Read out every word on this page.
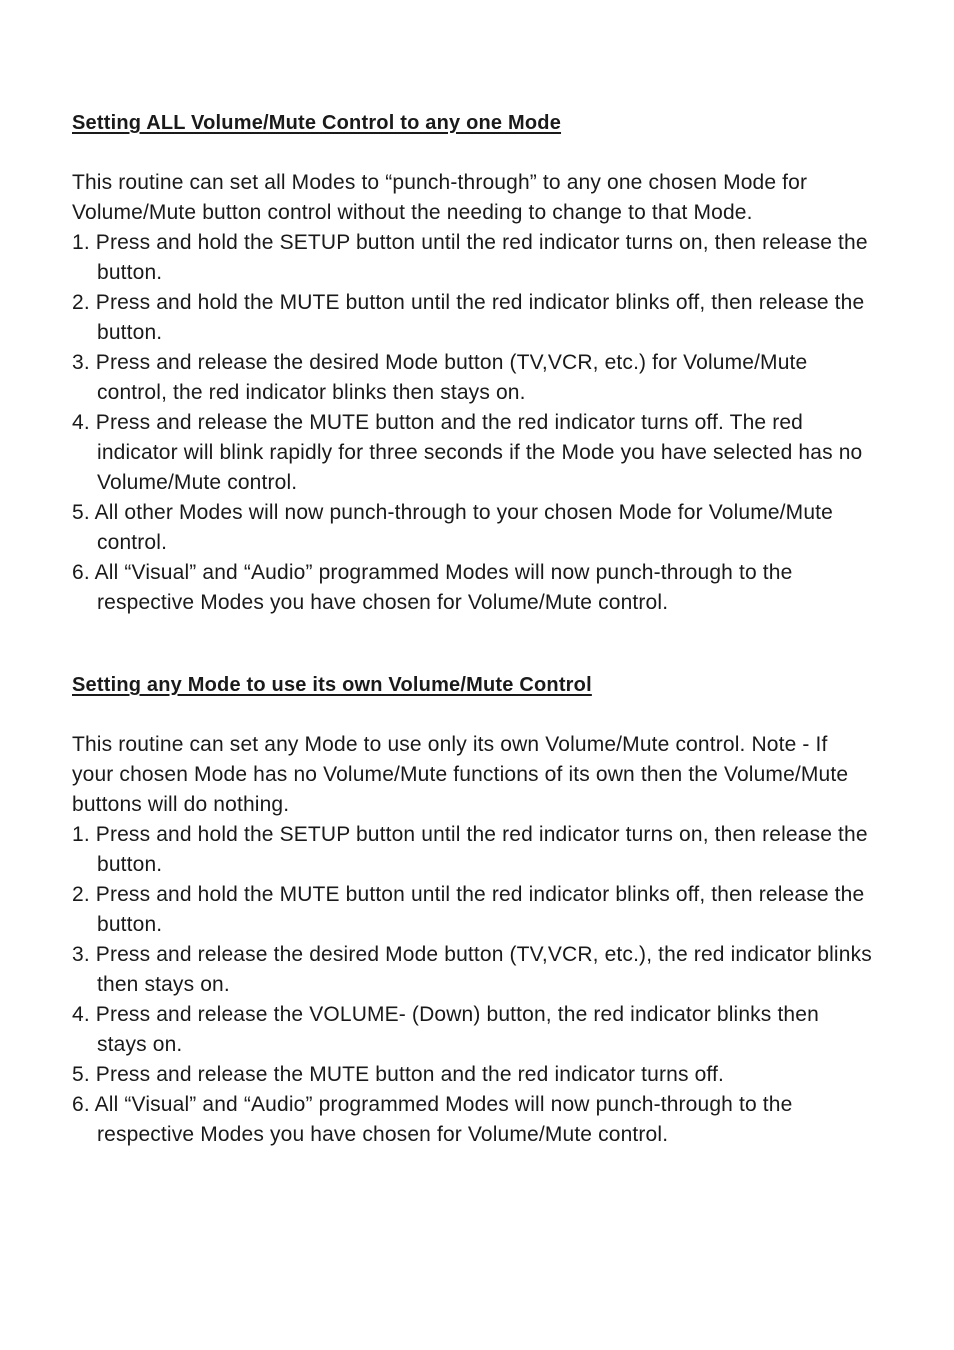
Setting ALL Volume/Mute Control to any one Mode

This routine can set all Modes to “punch-through” to any one chosen Mode for Volume/Mute button control without the needing to change to that Mode.

1. Press and hold the SETUP button until the red indicator turns on, then release the button.
2. Press and hold the MUTE button until the red indicator blinks off, then release the button.
3. Press and release the desired Mode button (TV,VCR, etc.) for Volume/Mute control, the red indicator blinks then stays on.
4. Press and release the MUTE button and the red indicator turns off. The red indicator will blink rapidly for three seconds if the Mode you have selected has no Volume/Mute control.
5. All other Modes will now punch-through to your chosen Mode for Volume/Mute control.
6. All “Visual” and “Audio” programmed Modes will now punch-through to the respective Modes you have chosen for Volume/Mute control.
Setting any Mode to use its own Volume/Mute Control

This routine can set any Mode to use only its own Volume/Mute control. Note - If your chosen Mode has no Volume/Mute functions of its own then the Volume/Mute buttons will do nothing.

1. Press and hold the SETUP button until the red indicator turns on, then release the button.
2. Press and hold the MUTE button until the red indicator blinks off, then release the button.
3. Press and release the desired Mode button (TV,VCR, etc.), the red indicator blinks then stays on.
4. Press and release the VOLUME- (Down) button, the red indicator blinks then stays on.
5. Press and release the MUTE button and the red indicator turns off.
6. All “Visual” and “Audio” programmed Modes will now punch-through to the respective Modes you have chosen for Volume/Mute control.
